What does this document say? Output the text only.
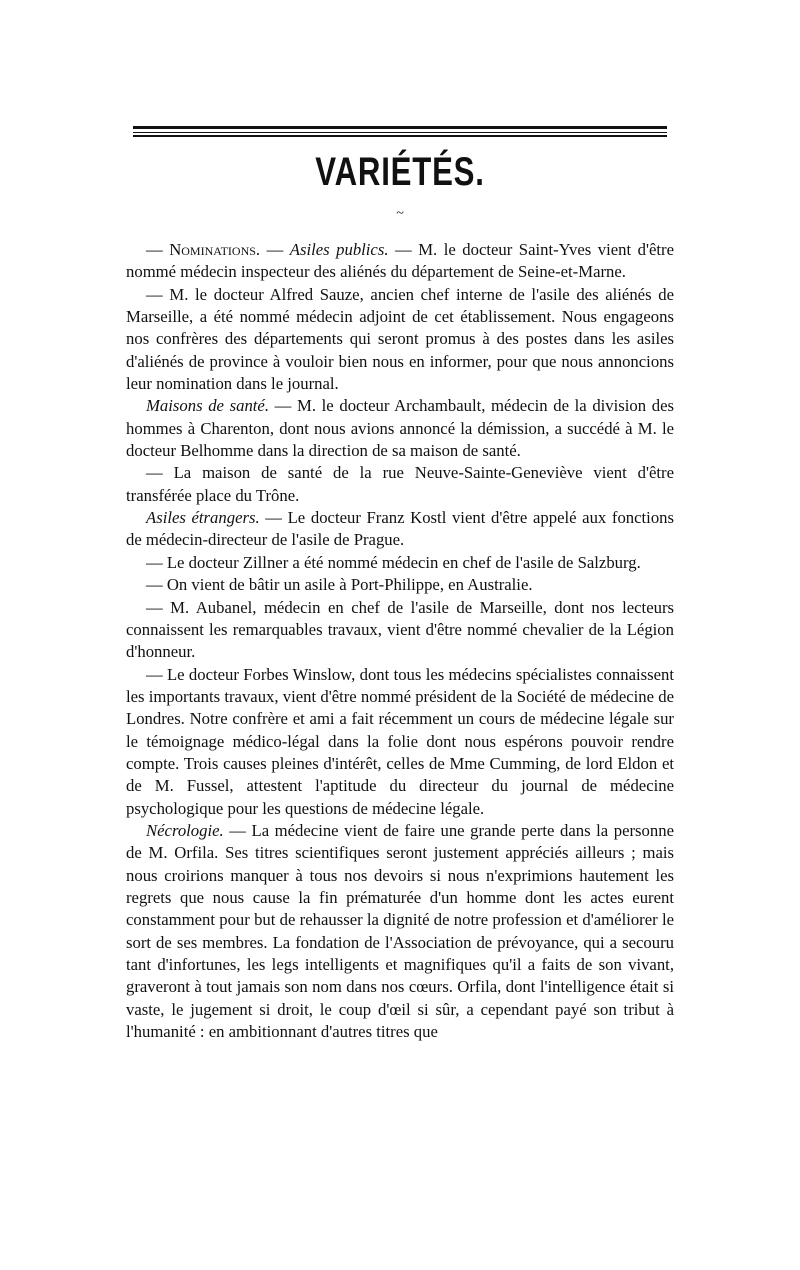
VARIÉTÉS.
~

— Nominations. — Asiles publics. — M. le docteur Saint-Yves vient d'être nommé médecin inspecteur des aliénés du département de Seine-et-Marne.

— M. le docteur Alfred Sauze, ancien chef interne de l'asile des aliénés de Marseille, a été nommé médecin adjoint de cet établissement. Nous engageons nos confrères des départements qui seront promus à des postes dans les asiles d'aliénés de province à vouloir bien nous en informer, pour que nous annoncions leur nomination dans le journal.

Maisons de santé. — M. le docteur Archambault, médecin de la division des hommes à Charenton, dont nous avions annoncé la démission, a succédé à M. le docteur Belhomme dans la direction de sa maison de santé.

— La maison de santé de la rue Neuve-Sainte-Geneviève vient d'être transférée place du Trône.

Asiles étrangers. — Le docteur Franz Kostl vient d'être appelé aux fonctions de médecin-directeur de l'asile de Prague.

— Le docteur Zillner a été nommé médecin en chef de l'asile de Salzburg.

— On vient de bâtir un asile à Port-Philippe, en Australie.

— M. Aubanel, médecin en chef de l'asile de Marseille, dont nos lecteurs connaissent les remarquables travaux, vient d'être nommé chevalier de la Légion d'honneur.

— Le docteur Forbes Winslow, dont tous les médecins spécialistes connaissent les importants travaux, vient d'être nommé président de la Société de médecine de Londres. Notre confrère et ami a fait récemment un cours de médecine légale sur le témoignage médico-légal dans la folie dont nous espérons pouvoir rendre compte. Trois causes pleines d'intérêt, celles de Mme Cumming, de lord Eldon et de M. Fussel, attestent l'aptitude du directeur du journal de médecine psychologique pour les questions de médecine légale.

Nécrologie. — La médecine vient de faire une grande perte dans la personne de M. Orfila. Ses titres scientifiques seront justement appréciés ailleurs ; mais nous croirions manquer à tous nos devoirs si nous n'exprimions hautement les regrets que nous cause la fin prématurée d'un homme dont les actes eurent constamment pour but de rehausser la dignité de notre profession et d'améliorer le sort de ses membres. La fondation de l'Association de prévoyance, qui a secouru tant d'infortunes, les legs intelligents et magnifiques qu'il a faits de son vivant, graveront à tout jamais son nom dans nos cœurs. Orfila, dont l'intelligence était si vaste, le jugement si droit, le coup d'œil si sûr, a cependant payé son tribut à l'humanité : en ambitionnant d'autres titres que
